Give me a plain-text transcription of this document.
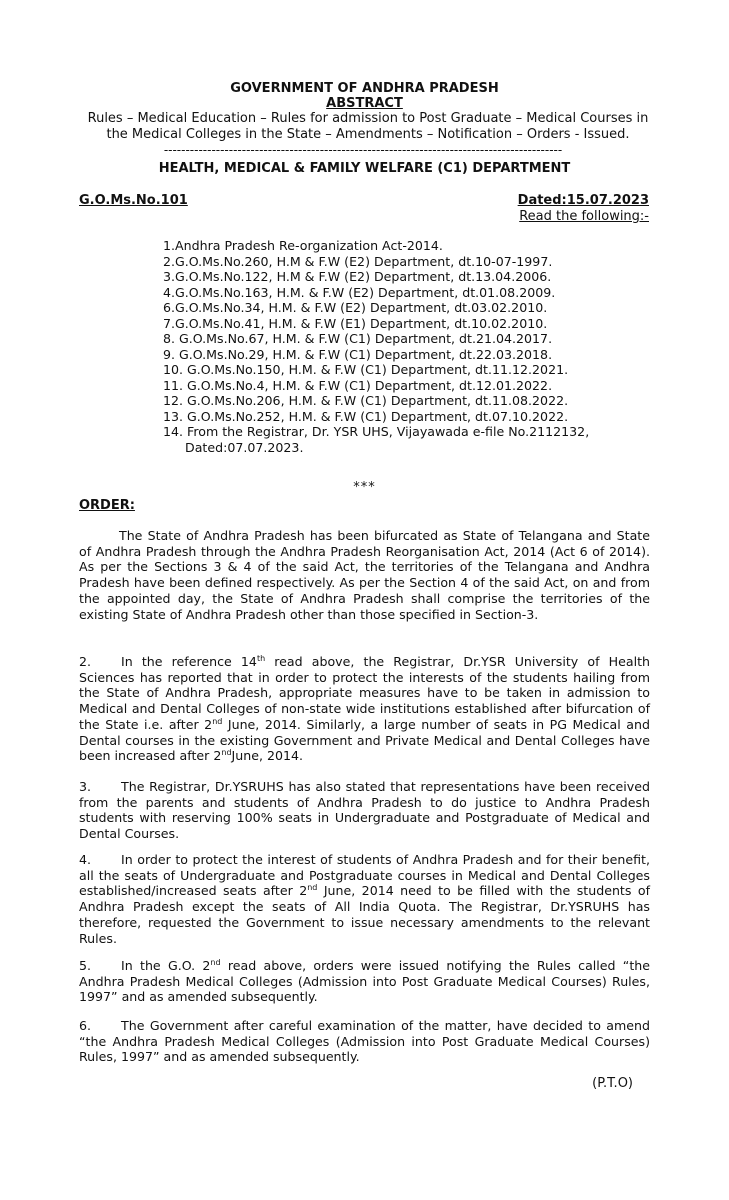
GOVERNMENT OF ANDHRA PRADESH
ABSTRACT
Rules – Medical Education – Rules for admission to Post Graduate – Medical Courses in the Medical Colleges in the State – Amendments – Notification – Orders - Issued.
--------------------------------------------------------------------------------------------
HEALTH, MEDICAL & FAMILY WELFARE (C1) DEPARTMENT
G.O.Ms.No.101	Dated:15.07.2023
Read the following:-
1.Andhra Pradesh Re-organization Act-2014.
2.G.O.Ms.No.260, H.M & F.W (E2) Department, dt.10-07-1997.
3.G.O.Ms.No.122, H.M & F.W (E2) Department, dt.13.04.2006.
4.G.O.Ms.No.163, H.M. & F.W (E2) Department, dt.01.08.2009.
6.G.O.Ms.No.34, H.M. & F.W (E2) Department, dt.03.02.2010.
7.G.O.Ms.No.41, H.M. & F.W (E1) Department, dt.10.02.2010.
8. G.O.Ms.No.67, H.M. & F.W (C1) Department, dt.21.04.2017.
9. G.O.Ms.No.29, H.M. & F.W (C1) Department, dt.22.03.2018.
10. G.O.Ms.No.150, H.M. & F.W (C1) Department, dt.11.12.2021.
11. G.O.Ms.No.4, H.M. & F.W (C1) Department, dt.12.01.2022.
12. G.O.Ms.No.206, H.M. & F.W (C1) Department, dt.11.08.2022.
13. G.O.Ms.No.252, H.M. & F.W (C1) Department, dt.07.10.2022.
14. From the Registrar, Dr. YSR UHS, Vijayawada e-file No.2112132,
Dated:07.07.2023.
***
ORDER:

The State of Andhra Pradesh has been bifurcated as State of Telangana and State of Andhra Pradesh through the Andhra Pradesh Reorganisation Act, 2014 (Act 6 of 2014). As per the Sections 3 & 4 of the said Act, the territories of the Telangana and Andhra Pradesh have been defined respectively. As per the Section 4 of the said Act, on and from the appointed day, the State of Andhra Pradesh shall comprise the territories of the existing State of Andhra Pradesh other than those specified in Section-3.

2. In the reference 14th read above, the Registrar, Dr.YSR University of Health Sciences has reported that in order to protect the interests of the students hailing from the State of Andhra Pradesh, appropriate measures have to be taken in admission to Medical and Dental Colleges of non-state wide institutions established after bifurcation of the State i.e. after 2nd June, 2014. Similarly, a large number of seats in PG Medical and Dental courses in the existing Government and Private Medical and Dental Colleges have been increased after 2ndJune, 2014.

3. The Registrar, Dr.YSRUHS has also stated that representations have been received from the parents and students of Andhra Pradesh to do justice to Andhra Pradesh students with reserving 100% seats in Undergraduate and Postgraduate of Medical and Dental Courses.

4. In order to protect the interest of students of Andhra Pradesh and for their benefit, all the seats of Undergraduate and Postgraduate courses in Medical and Dental Colleges established/increased seats after 2nd June, 2014 need to be filled with the students of Andhra Pradesh except the seats of All India Quota. The Registrar, Dr.YSRUHS has therefore, requested the Government to issue necessary amendments to the relevant Rules.

5. In the G.O. 2nd read above, orders were issued notifying the Rules called “the Andhra Pradesh Medical Colleges (Admission into Post Graduate Medical Courses) Rules, 1997” and as amended subsequently.

6. The Government after careful examination of the matter, have decided to amend “the Andhra Pradesh Medical Colleges (Admission into Post Graduate Medical Courses) Rules, 1997” and as amended subsequently.

(P.T.O)
